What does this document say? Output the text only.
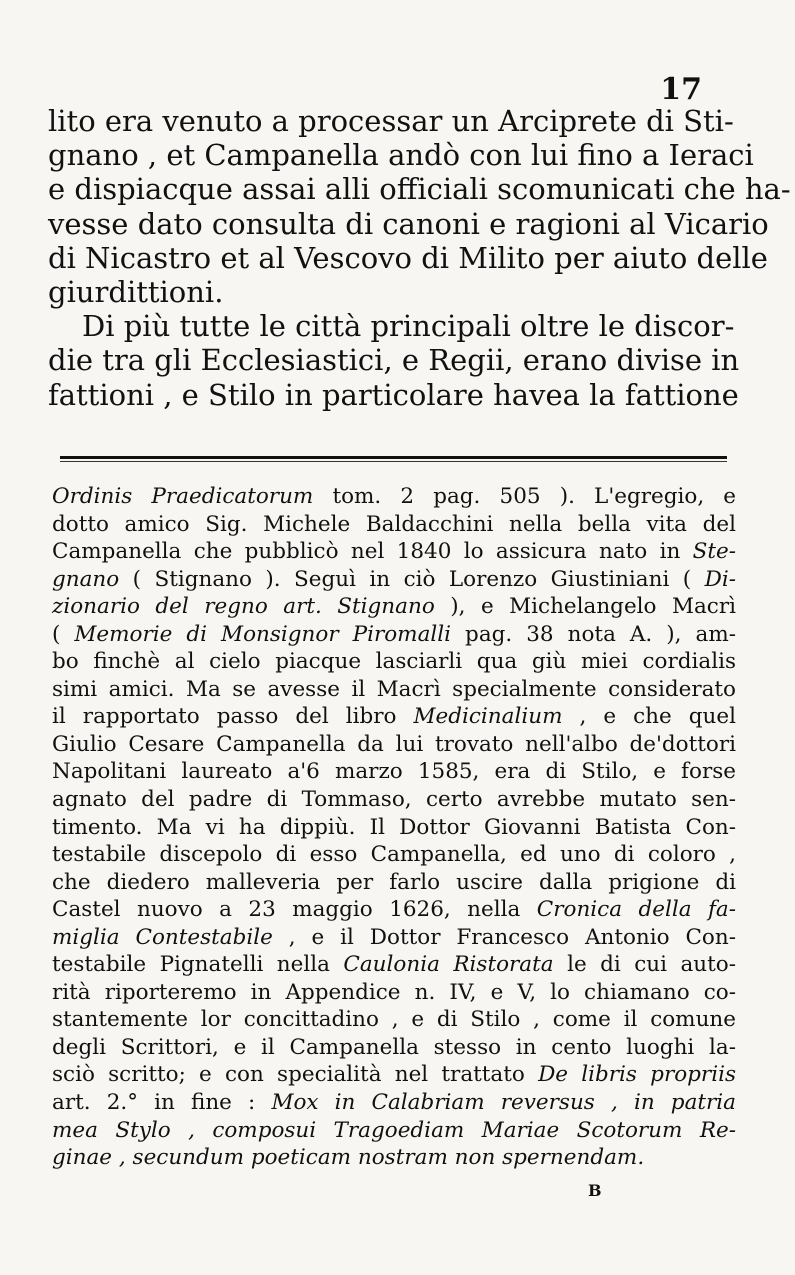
17
lito era venuto a processar un Arciprete di Sti-
gnano , et Campanella andò con lui fino a Ieraci
e dispiacque assai alli officiali scomunicati che ha-
vesse dato consulta di canoni e ragioni al Vicario
di Nicastro et al Vescovo di Milito per aiuto delle
giurdittioni.
Di più tutte le città principali oltre le discor-
die tra gli Ecclesiastici, e Regii, erano divise in
fattioni , e Stilo in particolare havea la fattione
Ordinis Praedicatorum tom. 2 pag. 505 ). L'egregio, e
dotto amico Sig. Michele Baldacchini nella bella vita del
Campanella che pubblicò nel 1840 lo assicura nato in Ste-
gnano ( Stignano ). Seguì in ciò Lorenzo Giustiniani ( Di-
zionario del regno art. Stignano ), e Michelangelo Macrì
( Memorie di Monsignor Piromalli pag. 38 nota A. ), am-
bo finchè al cielo piacque lasciarli qua giù miei cordialis
simi amici. Ma se avesse il Macrì specialmente considerato
il rapportato passo del libro Medicinalium , e che quel
Giulio Cesare Campanella da lui trovato nell'albo de'dottori
Napolitani laureato a'6 marzo 1585, era di Stilo, e forse
agnato del padre di Tommaso, certo avrebbe mutato sen-
timento. Ma vi ha dippiù. Il Dottor Giovanni Batista Con-
testabile discepolo di esso Campanella, ed uno di coloro ,
che diedero malleveria per farlo uscire dalla prigione di
Castel nuovo a 23 maggio 1626, nella Cronica della fa-
miglia Contestabile , e il Dottor Francesco Antonio Con-
testabile Pignatelli nella Caulonia Ristorata le di cui auto-
rità riporteremo in Appendice n. IV, e V, lo chiamano co-
stantemente lor concittadino , e di Stilo , come il comune
degli Scrittori, e il Campanella stesso in cento luoghi la-
sciò scritto; e con specialità nel trattato De libris propriis
art. 2.° in fine : Mox in Calabriam reversus , in patria
mea Stylo , composui Tragoediam Mariae Scotorum Re-
ginae , secundum poeticam nostram non spernendam.
B
